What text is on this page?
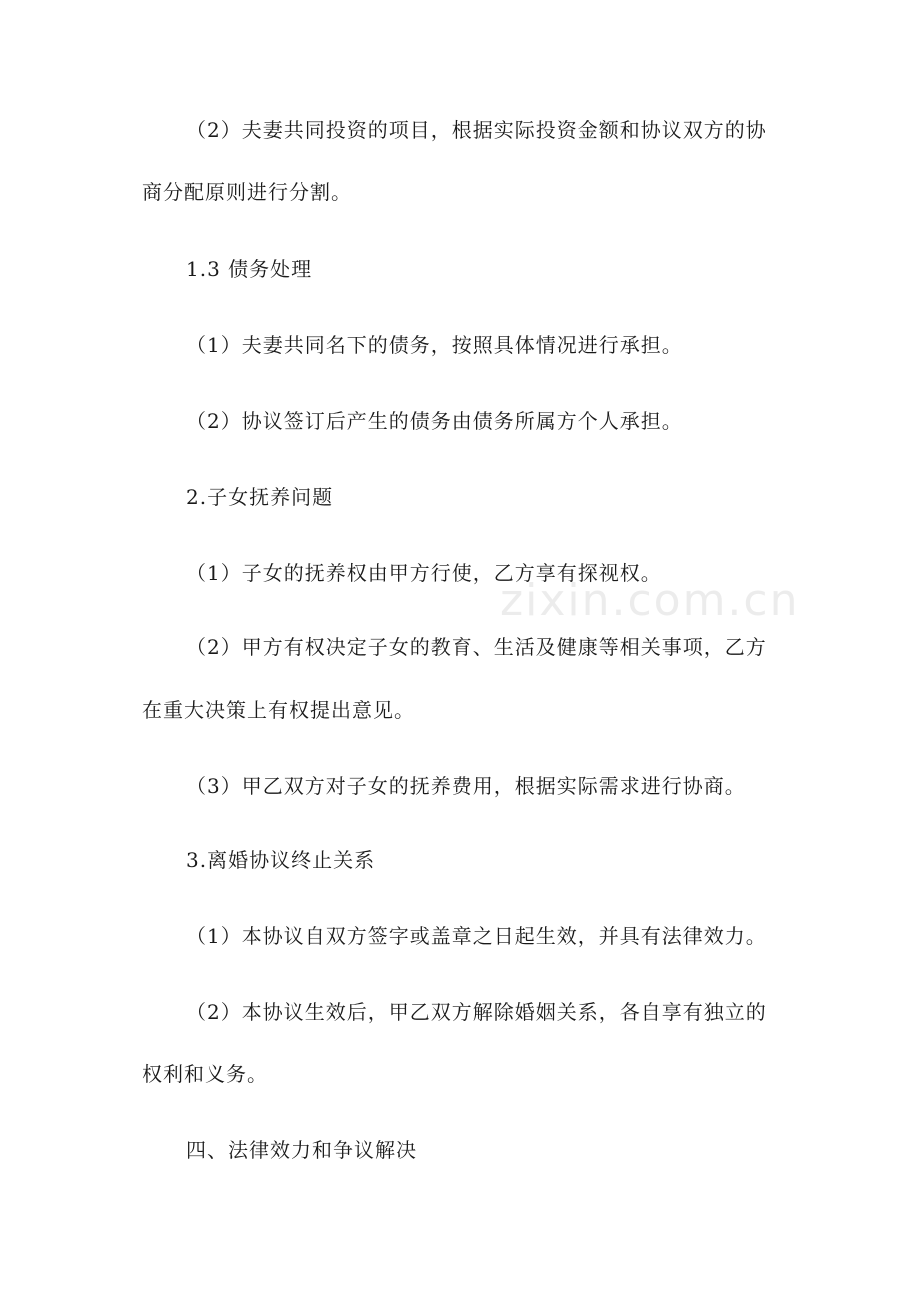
（2）夫妻共同投资的项目，根据实际投资金额和协议双方的协
商分配原则进行分割。
1.3 债务处理
（1）夫妻共同名下的债务，按照具体情况进行承担。
（2）协议签订后产生的债务由债务所属方个人承担。
2.子女抚养问题
（1）子女的抚养权由甲方行使，乙方享有探视权。
（2）甲方有权决定子女的教育、生活及健康等相关事项，乙方
在重大决策上有权提出意见。
（3）甲乙双方对子女的抚养费用，根据实际需求进行协商。
3.离婚协议终止关系
（1）本协议自双方签字或盖章之日起生效，并具有法律效力。
（2）本协议生效后，甲乙双方解除婚姻关系，各自享有独立的
权利和义务。
四、法律效力和争议解决
zixin.com.cn
